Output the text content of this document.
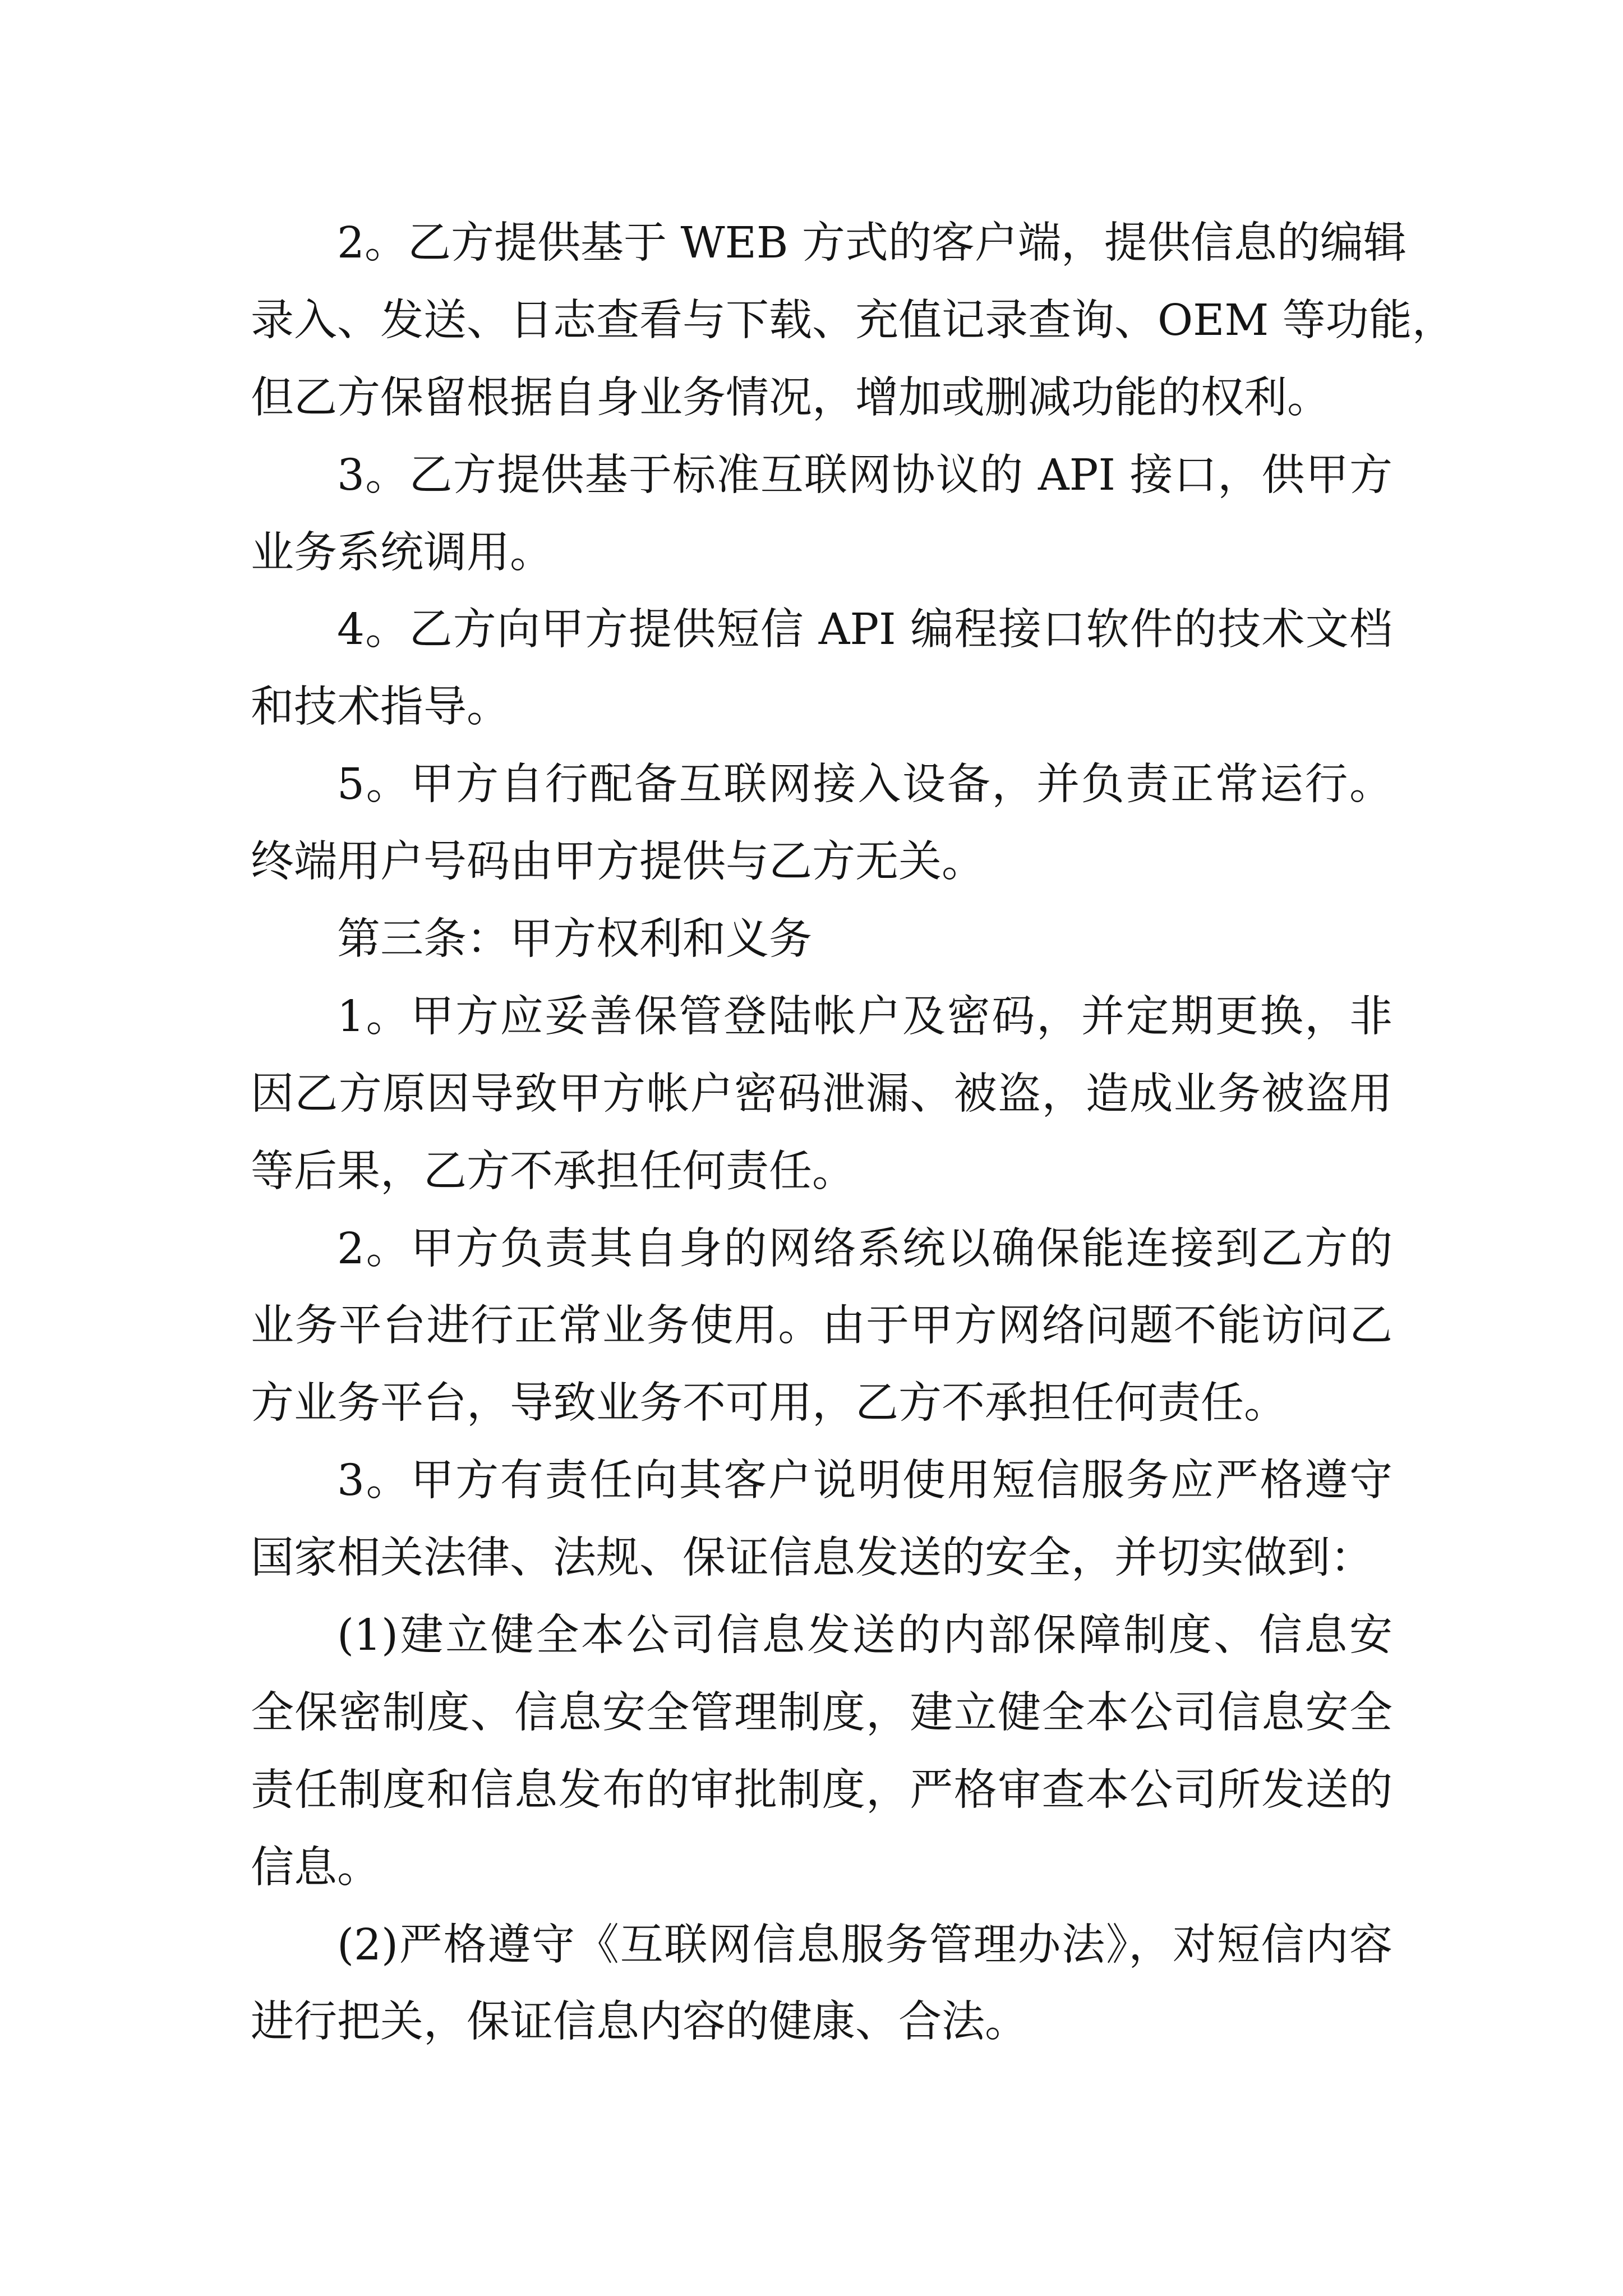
2。乙方提供基于 WEB 方式的客户端，提供信息的编辑
录入、发送、日志查看与下载、充值记录查询、OEM 等功能，
但乙方保留根据自身业务情况，增加或删减功能的权利。
3。乙方提供基于标准互联网协议的 API 接口，供甲方
业务系统调用。
4。乙方向甲方提供短信 API 编程接口软件的技术文档
和技术指导。
5。甲方自行配备互联网接入设备，并负责正常运行。
终端用户号码由甲方提供与乙方无关。
第三条：甲方权利和义务
1。甲方应妥善保管登陆帐户及密码，并定期更换，非
因乙方原因导致甲方帐户密码泄漏、被盗，造成业务被盗用
等后果，乙方不承担任何责任。
2。甲方负责其自身的网络系统以确保能连接到乙方的
业务平台进行正常业务使用。由于甲方网络问题不能访问乙
方业务平台，导致业务不可用，乙方不承担任何责任。
3。甲方有责任向其客户说明使用短信服务应严格遵守
国家相关法律、法规、保证信息发送的安全，并切实做到：
(1)建立健全本公司信息发送的内部保障制度、信息安
全保密制度、信息安全管理制度，建立健全本公司信息安全
责任制度和信息发布的审批制度，严格审查本公司所发送的
信息。
(2)严格遵守《互联网信息服务管理办法》，对短信内容
进行把关，保证信息内容的健康、合法。
